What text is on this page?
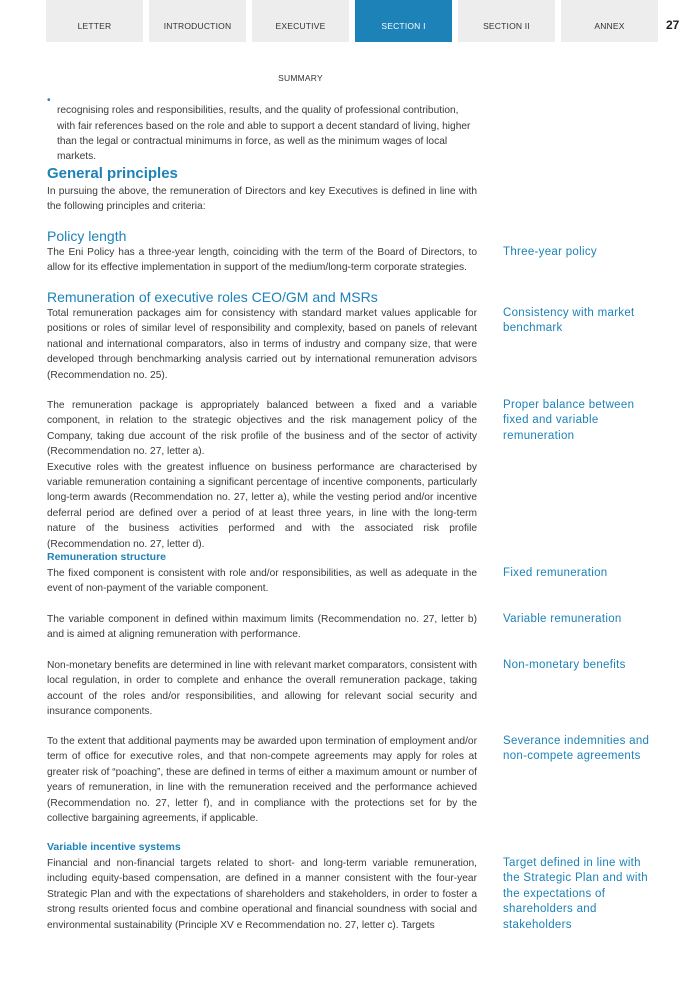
LETTER	INTRODUCTION	EXECUTIVE SUMMARY
SECTION I	SECTION II	ANNEX	27
•

recognising roles and responsibilities, results, and the quality of professional contribution, with fair references based on the role and able to support a decent standard of living, higher than the legal or contractual minimums in force, as well as the minimum wages of local markets.

General principles

In pursuing the above, the remuneration of Directors and key Executives is defined in line with the following principles and criteria:

Policy length

The Eni Policy has a three-year length, coinciding with the term of the Board of Directors, to allow for its effective implementation in support of the medium/long-term corporate strategies.

Three-year policy
Remuneration of executive roles CEO/GM and MSRs

Total remuneration packages aim for consistency with standard market values applicable for positions or roles of similar level of responsibility and complexity, based on panels of relevant national and international comparators, also in terms of industry and company size, that were developed through benchmarking analysis carried out by international remuneration advisors (Recommendation no. 25).

Consistency with market benchmark

The remuneration package is appropriately balanced between a fixed and a variable component, in relation to the strategic objectives and the risk management policy of the Company, taking due account of the risk profile of the business and of the sector of activity (Recommendation no. 27, letter a).

Executive roles with the greatest influence on business performance are characterised by variable remuneration containing a significant percentage of incentive components, particularly long-term awards (Recommendation no. 27, letter a), while the vesting period and/or incentive deferral period are defined over a period of at least three years, in line with the long-term nature of the business activities performed and with the associated risk profile (Recommendation no. 27, letter d).

Proper balance between fixed and variable remuneration
Remuneration structure

The fixed component is consistent with role and/or responsibilities, as well as adequate in the event of non-payment of the variable component.

Fixed remuneration

The variable component in defined within maximum limits (Recommendation no. 27, letter b) and is aimed at aligning remuneration with performance.

Variable remuneration

Non-monetary benefits are determined in line with relevant market comparators, consistent with local regulation, in order to complete and enhance the overall remuneration package, taking account of the roles and/or responsibilities, and allowing for relevant social security and insurance components.

Non-monetary benefits

To the extent that additional payments may be awarded upon termination of employment and/or term of office for executive roles, and that non-compete agreements may apply for roles at greater risk of “poaching”, these are defined in terms of either a maximum amount or number of years of remuneration, in line with the remuneration received and the performance achieved (Recommendation no. 27, letter f), and in compliance with the protections set for by the collective bargaining agreements, if applicable.

Severance indemnities and non-compete agreements
Variable incentive systems

Financial and non-financial targets related to short- and long-term variable remuneration, including equity-based compensation, are defined in a manner consistent with the four-year Strategic Plan and with the expectations of shareholders and stakeholders, in order to foster a strong results oriented focus and combine operational and financial soundness with social and environmental sustainability (Principle XV e Recommendation no. 27, letter c). Targets

Target defined in line with the Strategic Plan and with the expectations of shareholders and stakeholders
